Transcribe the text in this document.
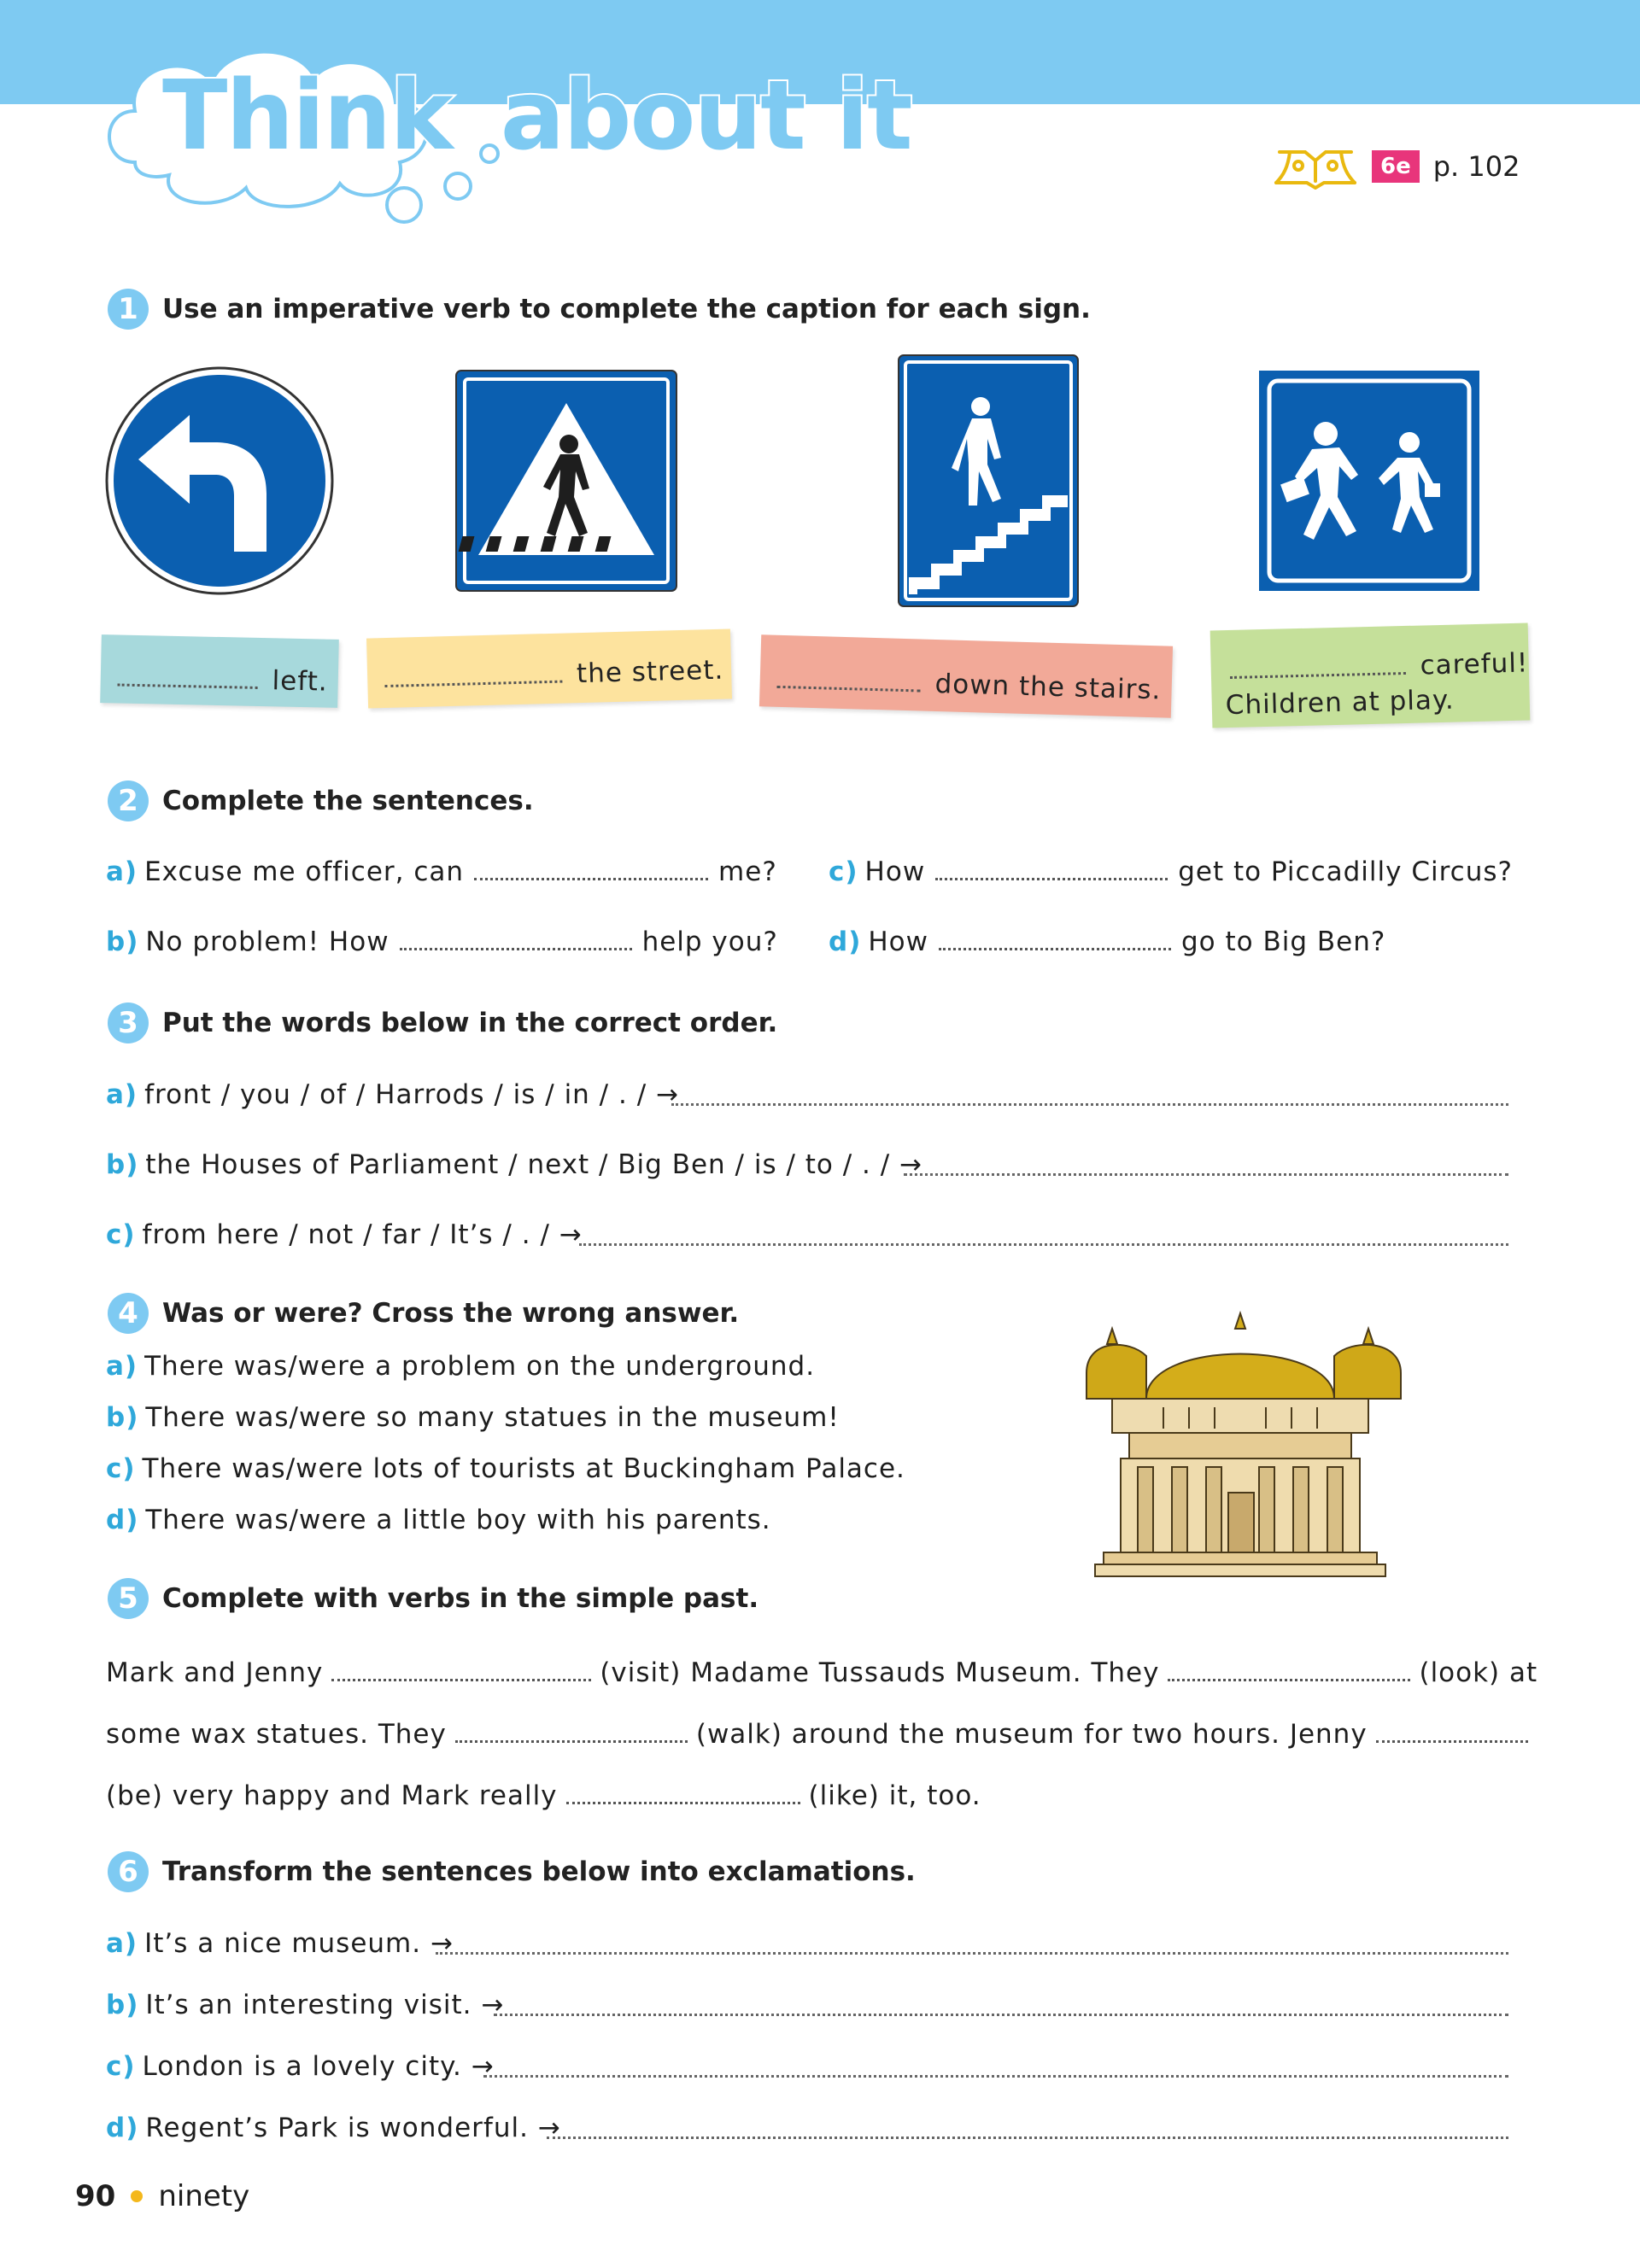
Think about it	6e p. 102
1 Use an imperative verb to complete the caption for each sign.
left.	the street.	down the stairs.
careful!
Children at play.
2 Complete the sentences.
a) Excuse me officer, can	me?
b) No problem! How	help you?
c) How	get to Piccadilly Circus?
d) How	go to Big Ben?
3 Put the words below in the correct order.
a) front / you / of / Harrods / is / in / . / →
b) the Houses of Parliament / next / Big Ben / is / to / . / →
c) from here / not / far / It’s / . / →
4 Was or were? Cross the wrong answer.
a) There was/were a problem on the underground.
b) There was/were so many statues in the museum!
c) There was/were lots of tourists at Buckingham Palace.
d) There was/were a little boy with his parents.
5 Complete with verbs in the simple past.
Mark and Jenny	(visit) Madame Tussauds Museum. They	(look) at
some wax statues. They	(walk) around the museum for two hours. Jenny
(be) very happy and Mark really	(like) it, too.
6 Transform the sentences below into exclamations.
a) It’s a nice museum. →
b) It’s an interesting visit. →
c) London is a lovely city. →
d) Regent’s Park is wonderful. →
90 ninety
